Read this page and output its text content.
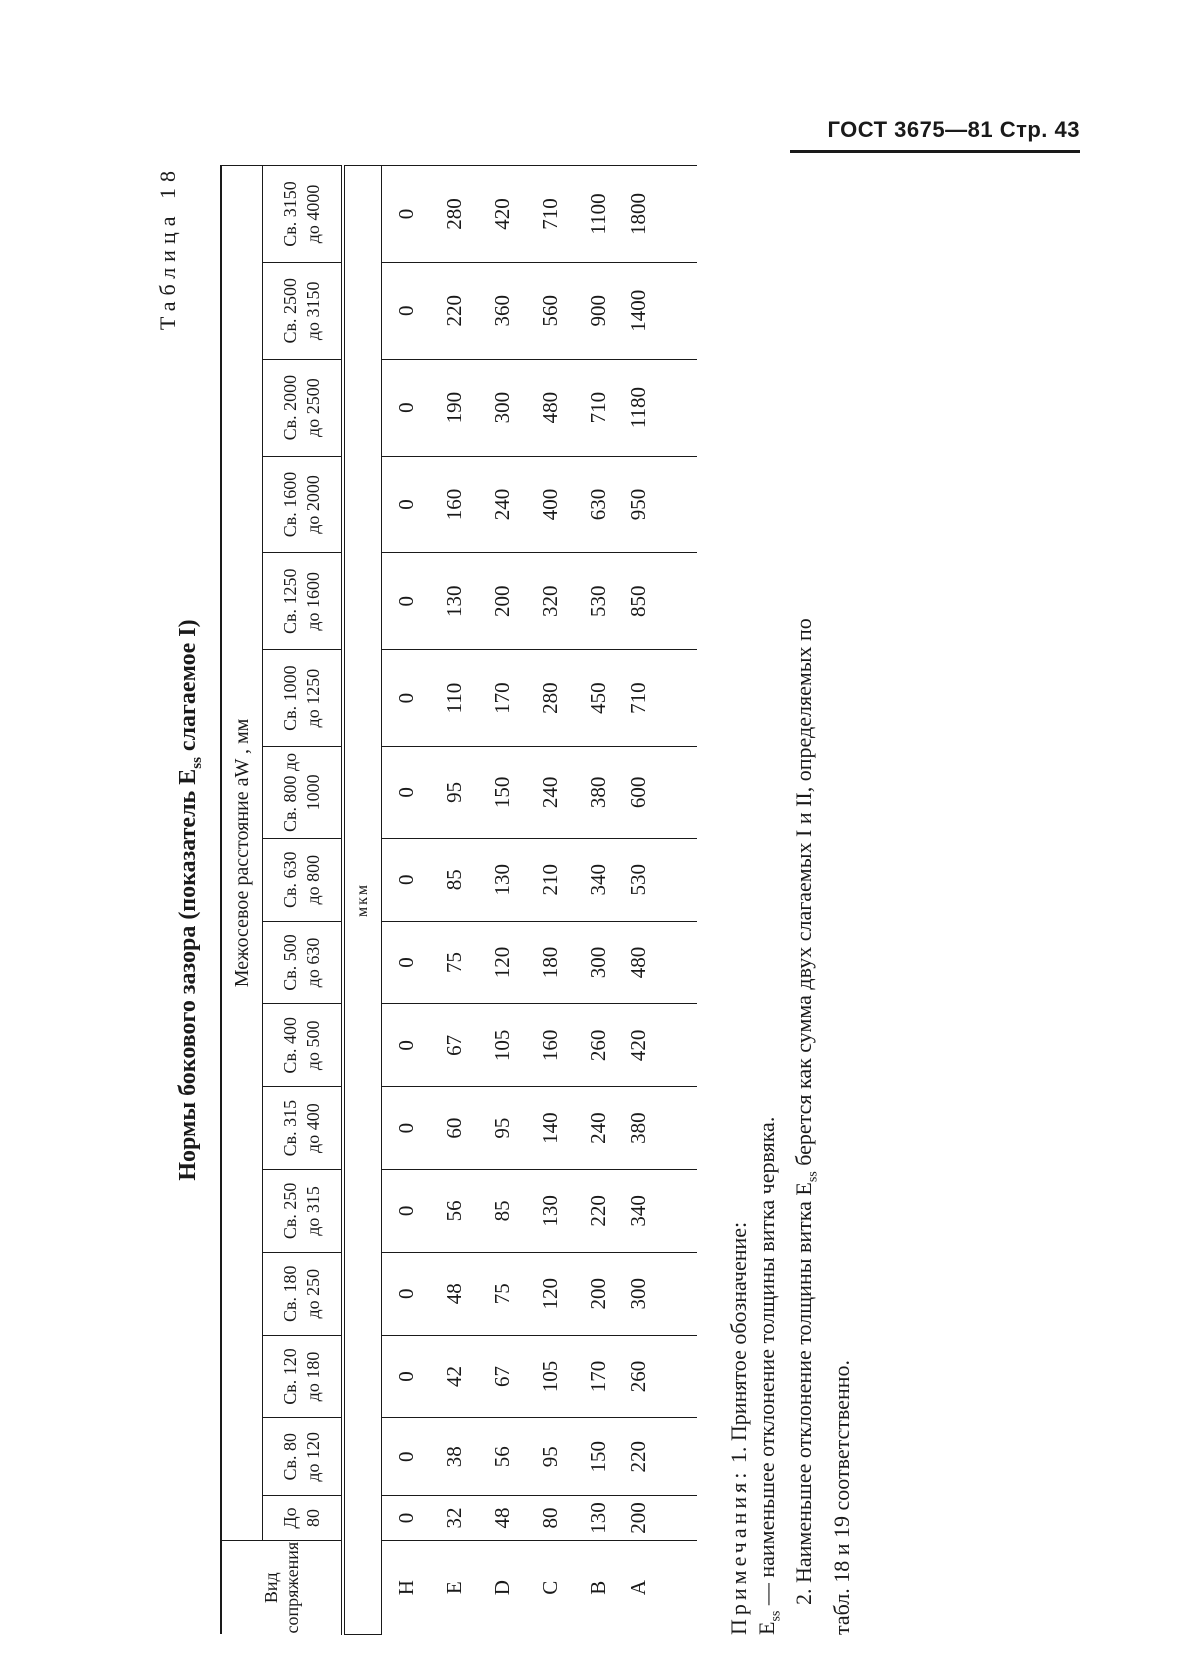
ГОСТ 3675—81 Стр. 43
Таблица 18
Нормы бокового зазора (показатель $E_{ss}$ слагаемое I)
Вид сопряжения	Межосевое расстояние aW , мм															
	До 80	Св. 80 до 120	Св. 120 до 180	Св. 180 до 250	Св. 250 до 315	Св. 315 до 400	Св. 400 до 500	Св. 500 до 630	Св. 630 до 800	Св. 800 до 1000	Св. 1000 до 1250	Св. 1250 до 1600	Св. 1600 до 2000	Св. 2000 до 2500	Св. 2500 до 3150	Св. 3150 до 4000
мкм																
H	0	0	0	0	0	0	0	0	0	0	0	0	0	0	0	0
E	32	38	42	48	56	60	67	75	85	95	110	130	160	190	220	280
D	48	56	67	75	85	95	105	120	130	150	170	200	240	300	360	420
C	80	95	105	120	130	140	160	180	210	240	280	320	400	480	560	710
B	130	150	170	200	220	240	260	300	340	380	450	530	630	710	900	1100
A	200	220	260	300	340	380	420	480	530	600	710	850	950	1180	1400	1800

Примечания: 1. Принятое обозначение:

$E_{ss}$ — наименьшее отклонение толщины витка червяка. 2. Наименьшее отклонение толщины витка $E_{ss}$ берется как сумма двух слагаемых I и II, определяемых по

табл. 18 и 19 соответственно.
